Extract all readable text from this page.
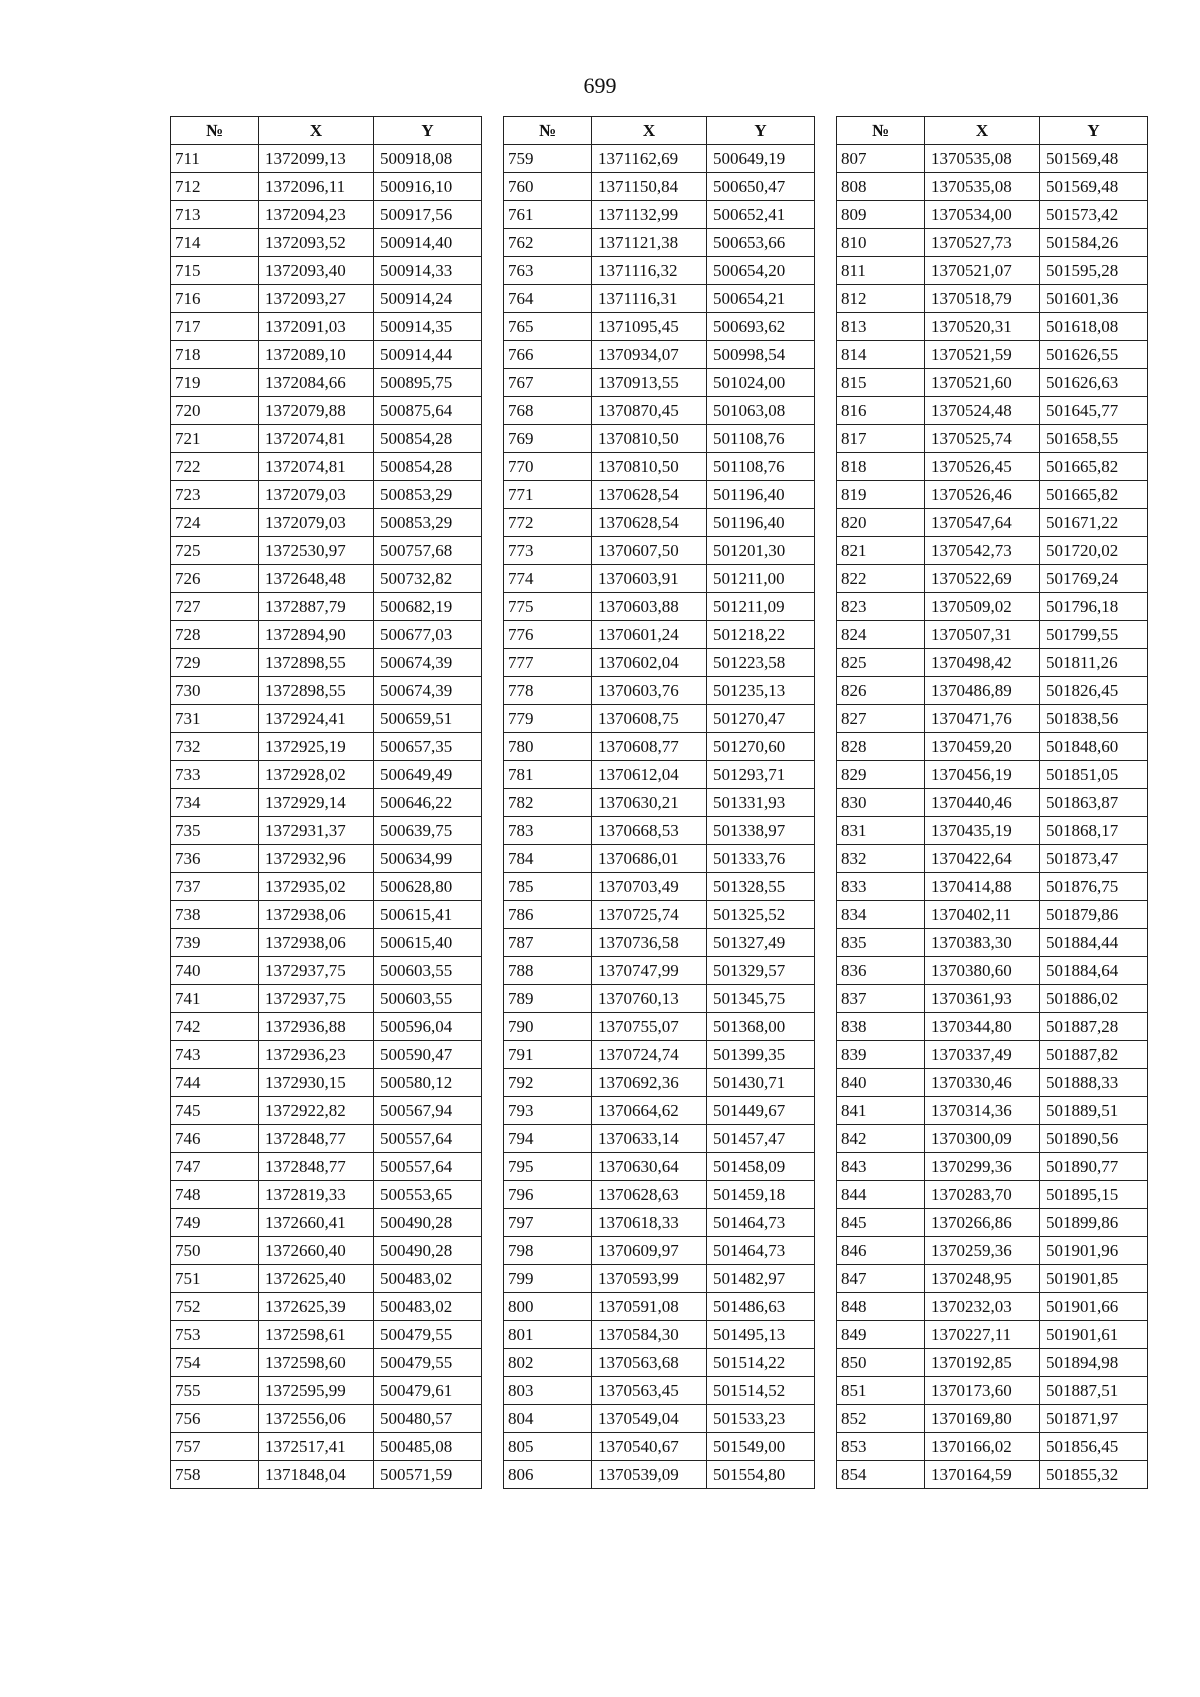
699
№	X	Y
711	1372099,13	500918,08
712	1372096,11	500916,10
713	1372094,23	500917,56
714	1372093,52	500914,40
715	1372093,40	500914,33
716	1372093,27	500914,24
717	1372091,03	500914,35
718	1372089,10	500914,44
719	1372084,66	500895,75
720	1372079,88	500875,64
721	1372074,81	500854,28
722	1372074,81	500854,28
723	1372079,03	500853,29
724	1372079,03	500853,29
725	1372530,97	500757,68
726	1372648,48	500732,82
727	1372887,79	500682,19
728	1372894,90	500677,03
729	1372898,55	500674,39
730	1372898,55	500674,39
731	1372924,41	500659,51
732	1372925,19	500657,35
733	1372928,02	500649,49
734	1372929,14	500646,22
735	1372931,37	500639,75
736	1372932,96	500634,99
737	1372935,02	500628,80
738	1372938,06	500615,41
739	1372938,06	500615,40
740	1372937,75	500603,55
741	1372937,75	500603,55
742	1372936,88	500596,04
743	1372936,23	500590,47
744	1372930,15	500580,12
745	1372922,82	500567,94
746	1372848,77	500557,64
747	1372848,77	500557,64
748	1372819,33	500553,65
749	1372660,41	500490,28
750	1372660,40	500490,28
751	1372625,40	500483,02
752	1372625,39	500483,02
753	1372598,61	500479,55
754	1372598,60	500479,55
755	1372595,99	500479,61
756	1372556,06	500480,57
757	1372517,41	500485,08
758	1371848,04	500571,59
№	X	Y
759	1371162,69	500649,19
760	1371150,84	500650,47
761	1371132,99	500652,41
762	1371121,38	500653,66
763	1371116,32	500654,20
764	1371116,31	500654,21
765	1371095,45	500693,62
766	1370934,07	500998,54
767	1370913,55	501024,00
768	1370870,45	501063,08
769	1370810,50	501108,76
770	1370810,50	501108,76
771	1370628,54	501196,40
772	1370628,54	501196,40
773	1370607,50	501201,30
774	1370603,91	501211,00
775	1370603,88	501211,09
776	1370601,24	501218,22
777	1370602,04	501223,58
778	1370603,76	501235,13
779	1370608,75	501270,47
780	1370608,77	501270,60
781	1370612,04	501293,71
782	1370630,21	501331,93
783	1370668,53	501338,97
784	1370686,01	501333,76
785	1370703,49	501328,55
786	1370725,74	501325,52
787	1370736,58	501327,49
788	1370747,99	501329,57
789	1370760,13	501345,75
790	1370755,07	501368,00
791	1370724,74	501399,35
792	1370692,36	501430,71
793	1370664,62	501449,67
794	1370633,14	501457,47
795	1370630,64	501458,09
796	1370628,63	501459,18
797	1370618,33	501464,73
798	1370609,97	501464,73
799	1370593,99	501482,97
800	1370591,08	501486,63
801	1370584,30	501495,13
802	1370563,68	501514,22
803	1370563,45	501514,52
804	1370549,04	501533,23
805	1370540,67	501549,00
806	1370539,09	501554,80
№	X	Y
807	1370535,08	501569,48
808	1370535,08	501569,48
809	1370534,00	501573,42
810	1370527,73	501584,26
811	1370521,07	501595,28
812	1370518,79	501601,36
813	1370520,31	501618,08
814	1370521,59	501626,55
815	1370521,60	501626,63
816	1370524,48	501645,77
817	1370525,74	501658,55
818	1370526,45	501665,82
819	1370526,46	501665,82
820	1370547,64	501671,22
821	1370542,73	501720,02
822	1370522,69	501769,24
823	1370509,02	501796,18
824	1370507,31	501799,55
825	1370498,42	501811,26
826	1370486,89	501826,45
827	1370471,76	501838,56
828	1370459,20	501848,60
829	1370456,19	501851,05
830	1370440,46	501863,87
831	1370435,19	501868,17
832	1370422,64	501873,47
833	1370414,88	501876,75
834	1370402,11	501879,86
835	1370383,30	501884,44
836	1370380,60	501884,64
837	1370361,93	501886,02
838	1370344,80	501887,28
839	1370337,49	501887,82
840	1370330,46	501888,33
841	1370314,36	501889,51
842	1370300,09	501890,56
843	1370299,36	501890,77
844	1370283,70	501895,15
845	1370266,86	501899,86
846	1370259,36	501901,96
847	1370248,95	501901,85
848	1370232,03	501901,66
849	1370227,11	501901,61
850	1370192,85	501894,98
851	1370173,60	501887,51
852	1370169,80	501871,97
853	1370166,02	501856,45
854	1370164,59	501855,32
